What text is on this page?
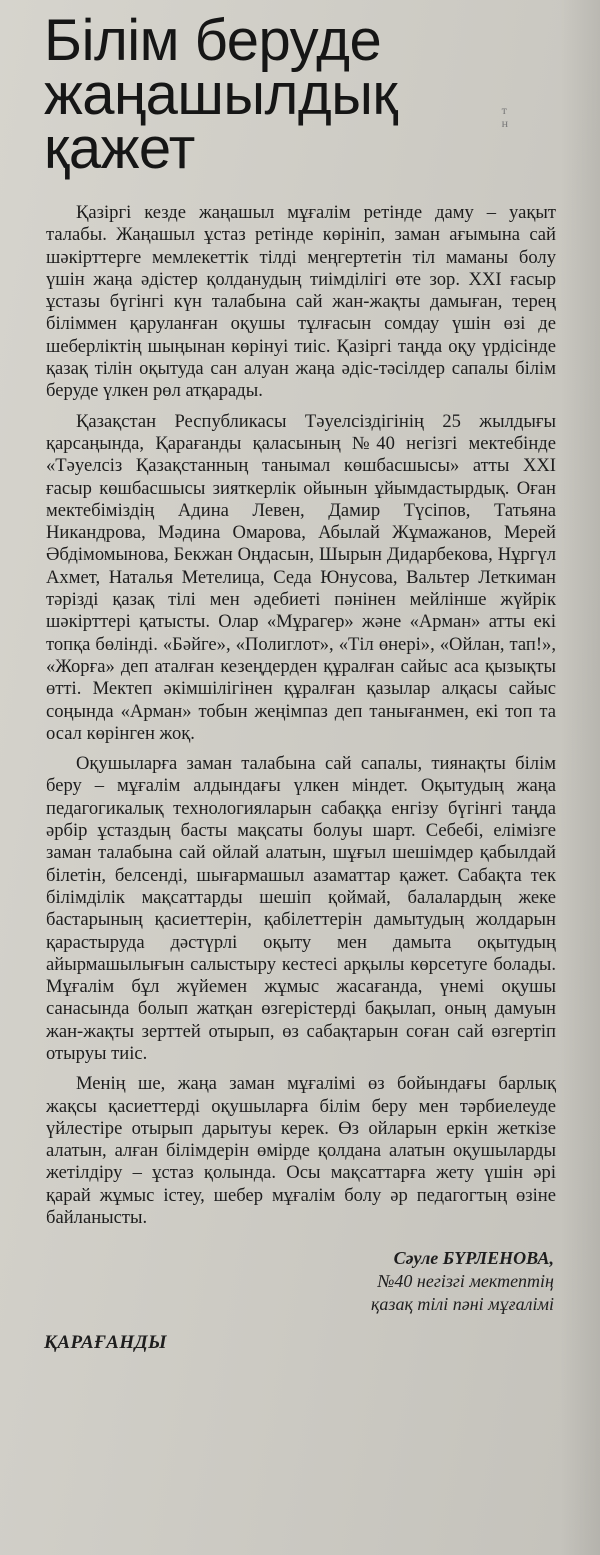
Білім беруде
жаңашылдық
қажет
т
н

Қазіргі кезде жаңашыл мұғалім ретінде даму – уақыт талабы. Жаңашыл ұстаз ретінде көрініп, заман ағымына сай шәкірттерге мемлекеттік тілді меңгертетін тіл маманы болу үшін жаңа әдістер қолданудың тиімділігі өте зор. XXI ғасыр ұстазы бүгінгі күн талабына сай жан-жақты дамыған, терең біліммен қаруланған оқушы тұлғасын сомдау үшін өзі де шеберліктің шыңынан көрінуі тиіс. Қазіргі таңда оқу үрдісінде қазақ тілін оқытуда сан алуан жаңа әдіс-тәсілдер сапалы білім беруде үлкен рөл атқарады.

Қазақстан Республикасы Тәуелсіздігінің 25 жылдығы қарсаңында, Қарағанды қаласының №40 негізгі мектебінде «Тәуелсіз Қазақстанның танымал көшбасшысы» атты XXI ғасыр көшбасшысы зияткерлік ойынын ұйымдастырдық. Оған мектебіміздің Адина Левен, Дамир Түсіпов, Татьяна Никандрова, Мәдина Омарова, Абылай Жұмажанов, Мерей Әбдімомынова, Бекжан Оңдасын, Шырын Дидарбекова, Нұргүл Ахмет, Наталья Метелица, Седа Юнусова, Вальтер Леткиман тәрізді қазақ тілі мен әдебиеті пәнінен мейлінше жүйрік шәкірттері қатысты. Олар «Мұрагер» және «Арман» атты екі топқа бөлінді. «Бәйге», «Полиглот», «Тіл өнері», «Ойлан, тап!», «Жорға» деп аталған кезеңдерден құралған сайыс аса қызықты өтті. Мектеп әкімшілігінен құралған қазылар алқасы сайыс соңында «Арман» тобын жеңімпаз деп танығанмен, екі топ та осал көрінген жоқ.

Оқушыларға заман талабына сай сапалы, тиянақты білім беру – мұғалім алдындағы үлкен міндет. Оқытудың жаңа педагогикалық технологияларын сабаққа енгізу бүгінгі таңда әрбір ұстаздың басты мақсаты болуы шарт. Себебі, елімізге заман талабына сай ойлай алатын, шұғыл шешімдер қабылдай білетін, белсенді, шығармашыл азаматтар қажет. Сабақта тек білімділік мақсаттарды шешіп қоймай, балалардың жеке бастарының қасиеттерін, қабілеттерін дамытудың жолдарын қарастыруда дәстүрлі оқыту мен дамыта оқытудың айырмашылығын салыстыру кестесі арқылы көрсетуге болады. Мұғалім бұл жүйемен жұмыс жасағанда, үнемі оқушы санасында болып жатқан өзгерістерді бақылап, оның дамуын жан-жақты зерттей отырып, өз сабақтарын соған сай өзгертіп отыруы тиіс.

Менің ше, жаңа заман мұғалімі өз бойындағы барлық жақсы қасиеттерді оқушыларға білім беру мен тәрбиелеуде үйлестіре отырып дарытуы керек. Өз ойларын еркін жеткізе алатын, алған білімдерін өмірде қолдана алатын оқушыларды жетілдіру – ұстаз қолында. Осы мақсаттарға жету үшін әрі қарай жұмыс істеу, шебер мұғалім болу әр педагогтың өзіне байланысты.

Сәуле БҮРЛЕНОВА,
№40 негізгі мектептің
қазақ тілі пәні мұғалімі
ҚАРАҒАНДЫ
